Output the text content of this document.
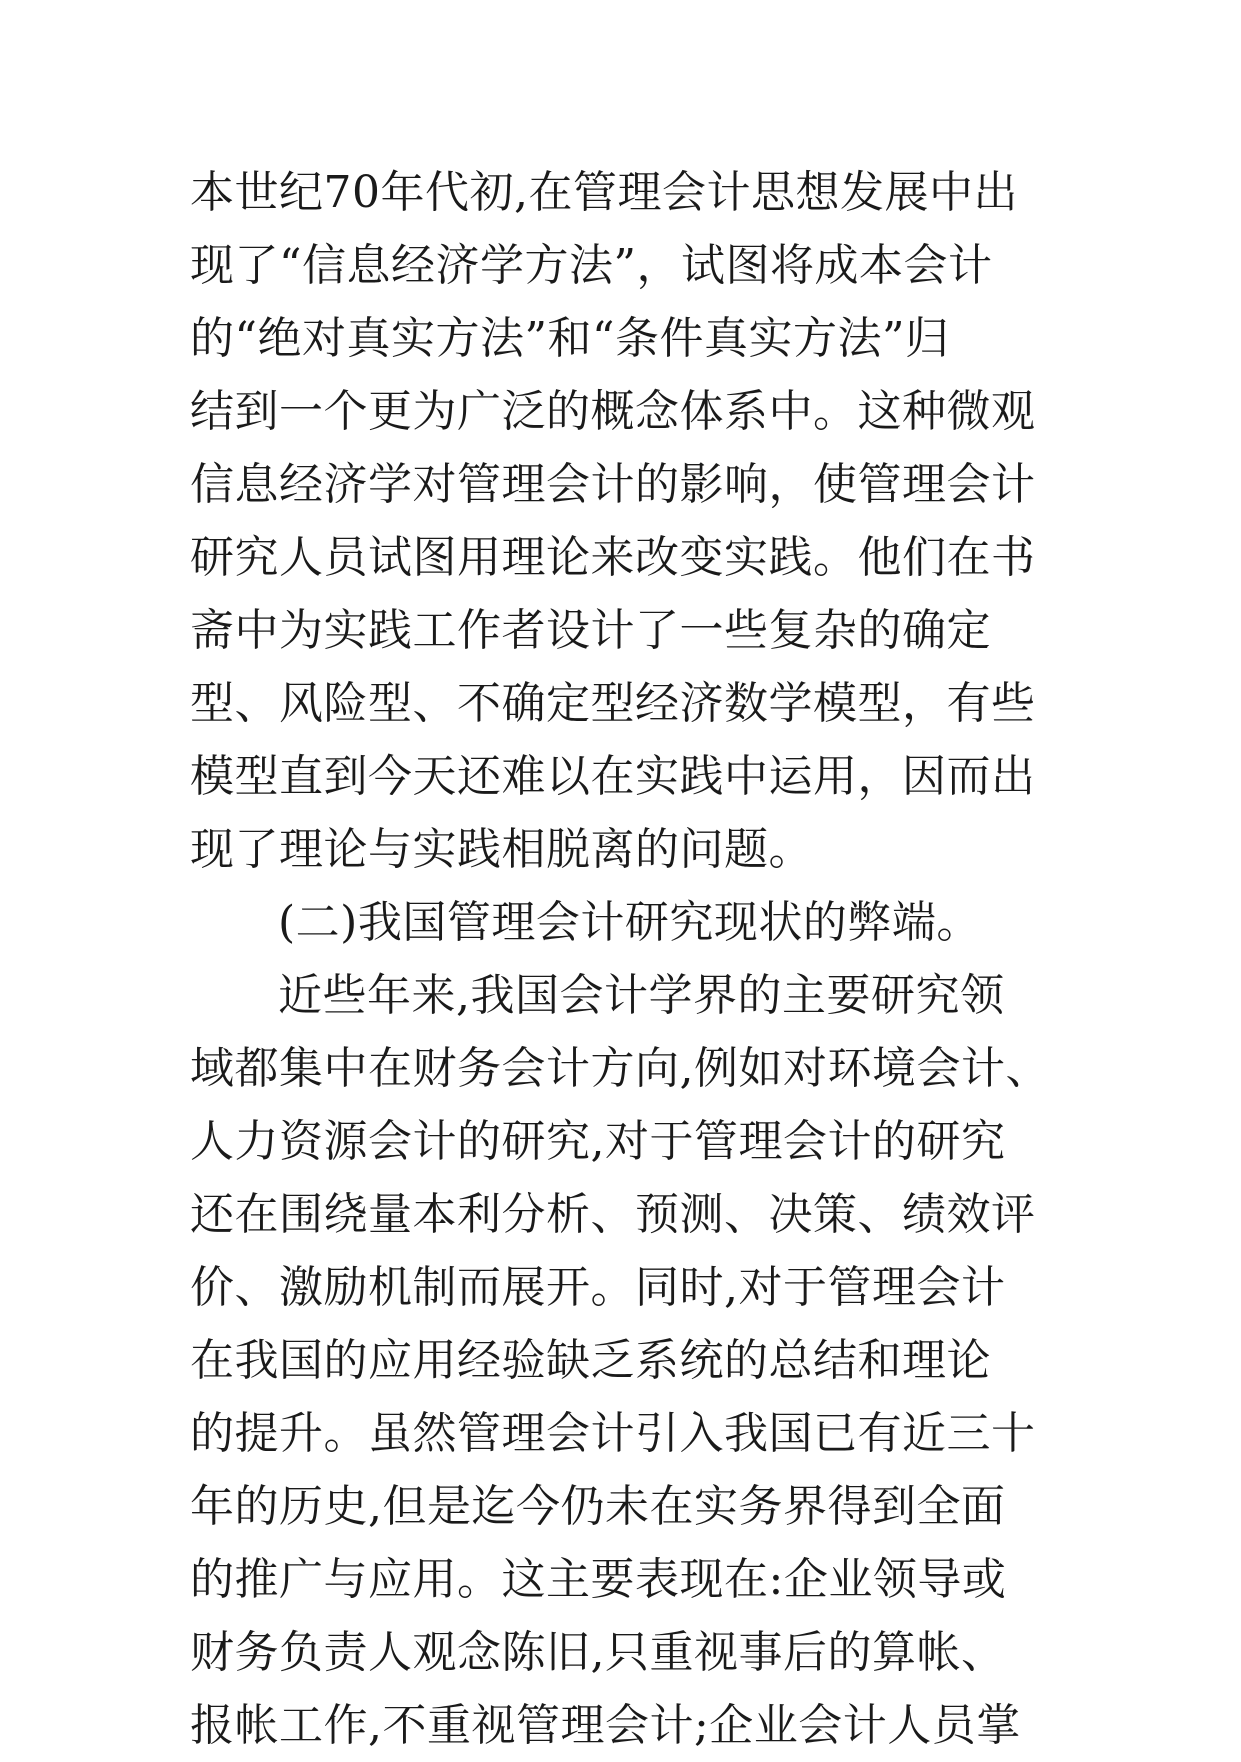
本世纪70年代初,在管理会计思想发展中出
现了“信息经济学方法”，试图将成本会计
的“绝对真实方法”和“条件真实方法”归
结到一个更为广泛的概念体系中。这种微观
信息经济学对管理会计的影响，使管理会计
研究人员试图用理论来改变实践。他们在书
斋中为实践工作者设计了一些复杂的确定
型、风险型、不确定型经济数学模型，有些
模型直到今天还难以在实践中运用，因而出
现了理论与实践相脱离的问题。
(二)我国管理会计研究现状的弊端。
近些年来,我国会计学界的主要研究领
域都集中在财务会计方向,例如对环境会计、
人力资源会计的研究,对于管理会计的研究
还在围绕量本利分析、预测、决策、绩效评
价、激励机制而展开。同时,对于管理会计
在我国的应用经验缺乏系统的总结和理论
的提升。虽然管理会计引入我国已有近三十
年的历史,但是迄今仍未在实务界得到全面
的推广与应用。这主要表现在:企业领导或
财务负责人观念陈旧,只重视事后的算帐、
报帐工作,不重视管理会计;企业会计人员掌
